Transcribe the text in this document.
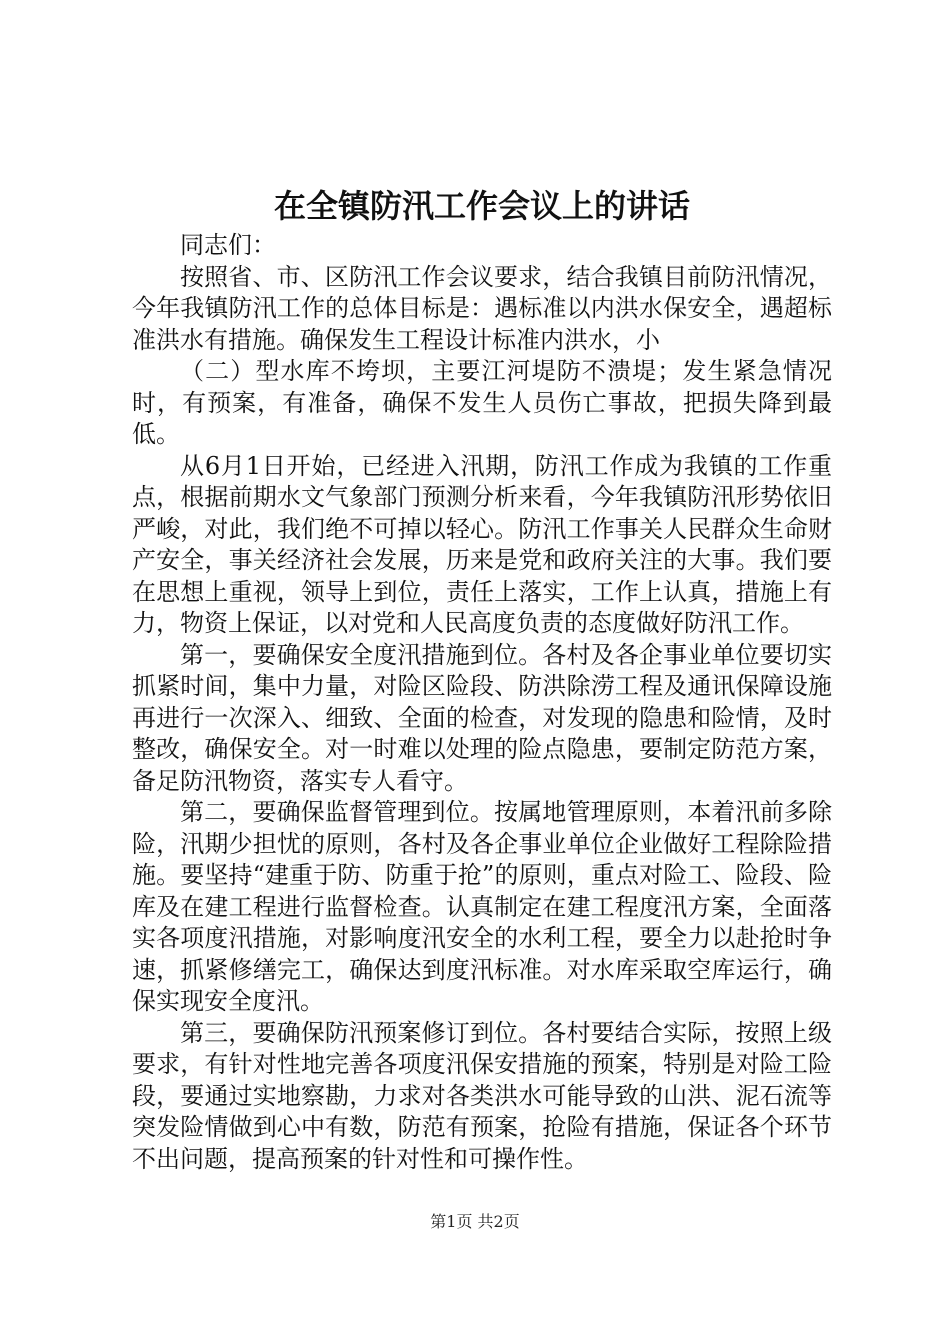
在全镇防汛工作会议上的讲话

同志们：

按照省、市、区防汛工作会议要求，结合我镇目前防汛情况，今年我镇防汛工作的总体目标是：遇标准以内洪水保安全，遇超标准洪水有措施。确保发生工程设计标准内洪水，小

（二）型水库不垮坝，主要江河堤防不溃堤；发生紧急情况时，有预案，有准备，确保不发生人员伤亡事故，把损失降到最低。

从6月1日开始，已经进入汛期，防汛工作成为我镇的工作重点，根据前期水文气象部门预测分析来看，今年我镇防汛形势依旧严峻，对此，我们绝不可掉以轻心。防汛工作事关人民群众生命财产安全，事关经济社会发展，历来是党和政府关注的大事。我们要在思想上重视，领导上到位，责任上落实，工作上认真，措施上有力，物资上保证，以对党和人民高度负责的态度做好防汛工作。

第一，要确保安全度汛措施到位。各村及各企事业单位要切实抓紧时间，集中力量，对险区险段、防洪除涝工程及通讯保障设施再进行一次深入、细致、全面的检查，对发现的隐患和险情，及时整改，确保安全。对一时难以处理的险点隐患，要制定防范方案，备足防汛物资，落实专人看守。

第二，要确保监督管理到位。按属地管理原则，本着汛前多除险，汛期少担忧的原则，各村及各企事业单位企业做好工程除险措施。要坚持“建重于防、防重于抢”的原则，重点对险工、险段、险库及在建工程进行监督检查。认真制定在建工程度汛方案，全面落实各项度汛措施，对影响度汛安全的水利工程，要全力以赴抢时争速，抓紧修缮完工，确保达到度汛标准。对水库采取空库运行，确保实现安全度汛。

第三，要确保防汛预案修订到位。各村要结合实际，按照上级要求，有针对性地完善各项度汛保安措施的预案，特别是对险工险段，要通过实地察勘，力求对各类洪水可能导致的山洪、泥石流等突发险情做到心中有数，防范有预案，抢险有措施，保证各个环节不出问题，提高预案的针对性和可操作性。

第1页 共2页
